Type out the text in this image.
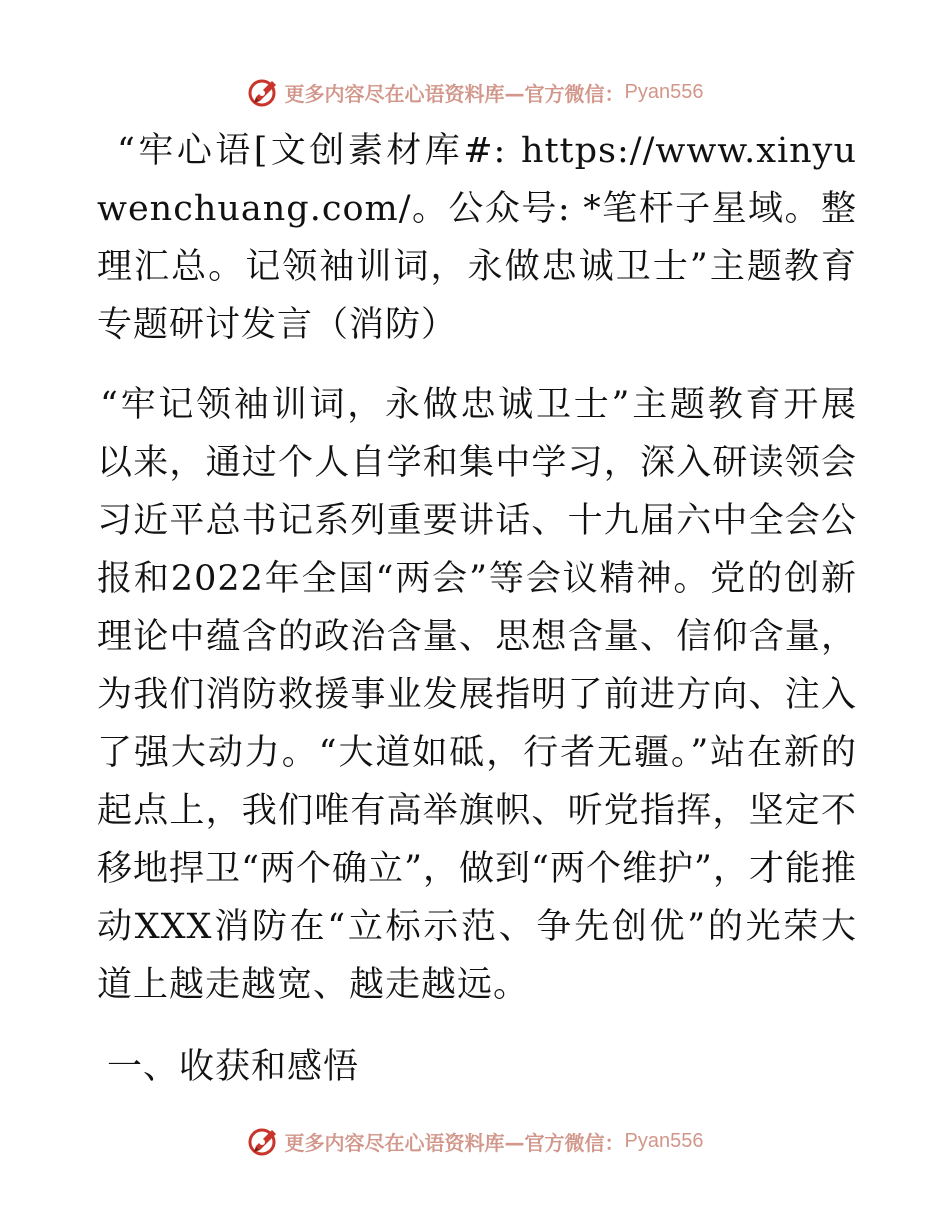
更多内容尽在心语资料库—官方微信： Pyan556

“牢心语[文创素材库#: https://www.xinyuwenchuang.com/。公众号: *笔杆子星域。整理汇总。记领袖训词，永做忠诚卫士”主题教育专题研讨发言（消防）

“牢记领袖训词，永做忠诚卫士”主题教育开展以来，通过个人自学和集中学习，深入研读领会习近平总书记系列重要讲话、十九届六中全会公报和2022年全国“两会”等会议精神。党的创新理论中蕴含的政治含量、思想含量、信仰含量，为我们消防救援事业发展指明了前进方向、注入了强大动力。“大道如砥，行者无疆。”站在新的起点上，我们唯有高举旗帜、听党指挥，坚定不移地捍卫“两个确立”，做到“两个维护”，才能推动XXX消防在“立标示范、争先创优”的光荣大道上越走越宽、越走越远。

一、收获和感悟
更多内容尽在心语资料库—官方微信： Pyan556
